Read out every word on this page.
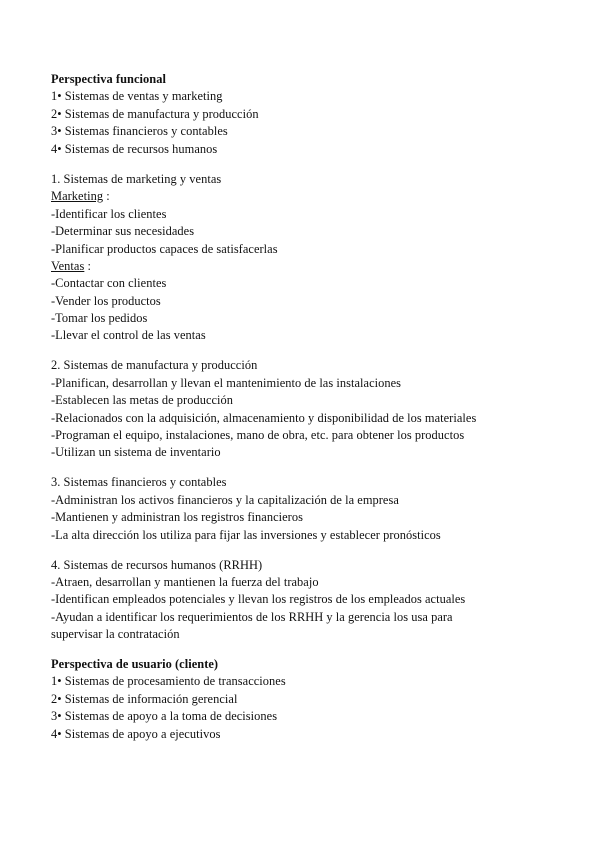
Perspectiva funcional
1• Sistemas de ventas y marketing
2• Sistemas de manufactura y producción
3• Sistemas financieros y contables
4• Sistemas de recursos humanos
1. Sistemas de marketing y ventas
Marketing :
-Identificar los clientes
-Determinar sus necesidades
-Planificar productos capaces de satisfacerlas
Ventas :
-Contactar con clientes
-Vender los productos
-Tomar los pedidos
-Llevar el control de las ventas
2. Sistemas de manufactura y producción
-Planifican, desarrollan y llevan el mantenimiento de las instalaciones
-Establecen las metas de producción
-Relacionados con la adquisición, almacenamiento y disponibilidad de los materiales
-Programan el equipo, instalaciones, mano de obra, etc. para obtener los productos
-Utilizan un sistema de inventario
3. Sistemas financieros y contables
-Administran los activos financieros y la capitalización de la empresa
-Mantienen y administran los registros financieros
-La alta dirección los utiliza para fijar las inversiones y establecer pronósticos
4. Sistemas de recursos humanos (RRHH)
-Atraen, desarrollan y mantienen la fuerza del trabajo
-Identifican empleados potenciales y llevan los registros de los empleados actuales
-Ayudan a identificar los requerimientos de los RRHH y la gerencia los usa para
supervisar la contratación
Perspectiva de usuario (cliente)
1• Sistemas de procesamiento de transacciones
2• Sistemas de información gerencial
3• Sistemas de apoyo a la toma de decisiones
4• Sistemas de apoyo a ejecutivos
